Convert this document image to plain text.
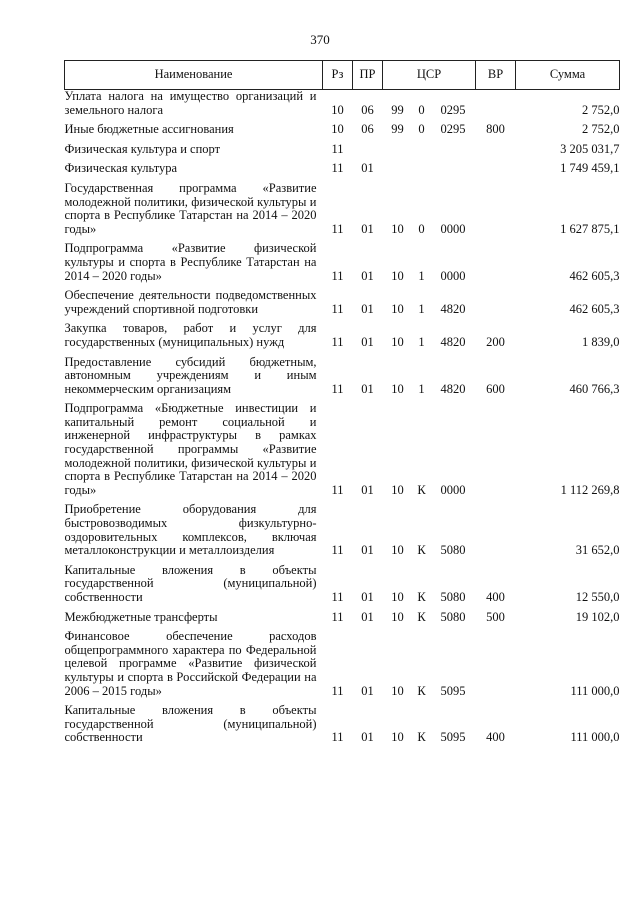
370
Наименование	Рз	ПР	ЦСР			ВР	Сумма
Уплата налога на имущество организаций и земельного налога	10	06	99	0	0295		2 752,0
Иные бюджетные ассигнования	10	06	99	0	0295	800	2 752,0
Физическая культура и спорт	11						3 205 031,7
Физическая культура	11	01					1 749 459,1
Государственная программа «Развитие молодежной политики, физической культуры и спорта в Республике Татарстан на 2014 – 2020 годы»	11	01	10	0	0000		1 627 875,1
Подпрограмма «Развитие физической культуры и спорта в Республике Татарстан на 2014 – 2020 годы»	11	01	10	1	0000		462 605,3
Обеспечение деятельности подведомственных учреждений спортивной подготовки	11	01	10	1	4820		462 605,3
Закупка товаров, работ и услуг для государственных (муниципальных) нужд	11	01	10	1	4820	200	1 839,0
Предоставление субсидий бюджетным, автономным учреждениям и иным некоммерческим организациям	11	01	10	1	4820	600	460 766,3
Подпрограмма «Бюджетные инвестиции и капитальный ремонт социальной и инженерной инфраструктуры в рамках государственной программы «Развитие молодежной политики, физической культуры и спорта в Республике Татарстан на 2014 – 2020 годы»	11	01	10	К	0000		1 112 269,8
Приобретение оборудования для быстровозводимых физкультурно-оздоровительных комплексов, включая металлоконструкции и металлоизделия	11	01	10	К	5080		31 652,0
Капитальные вложения в объекты государственной (муниципальной) собственности	11	01	10	К	5080	400	12 550,0
Межбюджетные трансферты	11	01	10	К	5080	500	19 102,0
Финансовое обеспечение расходов общепрограммного характера по Федеральной целевой программе «Развитие физической культуры и спорта в Российской Федерации на 2006 – 2015 годы»	11	01	10	К	5095		111 000,0
Капитальные вложения в объекты государственной (муниципальной) собственности	11	01	10	К	5095	400	111 000,0
